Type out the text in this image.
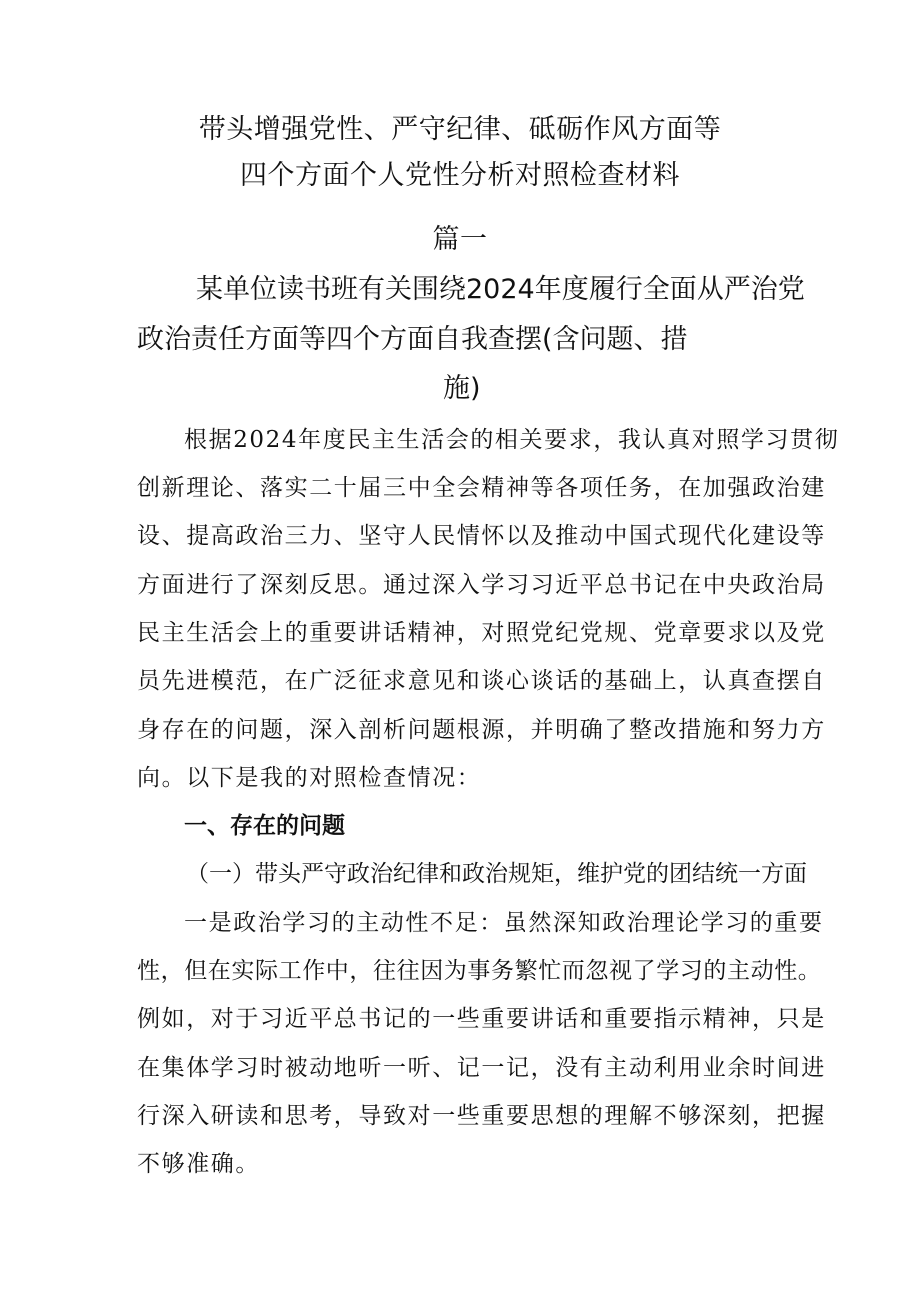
带头增强党性、严守纪律、砥砺作风方面等
四个方面个人党性分析对照检查材料
篇一
某单位读书班有关围绕2024年度履行全面从严治党
政治责任方面等四个方面自我查摆(含问题、措
施)
根据2024年度民主生活会的相关要求，我认真对照学习贯彻
创新理论、落实二十届三中全会精神等各项任务，在加强政治建
设、提高政治三力、坚守人民情怀以及推动中国式现代化建设等
方面进行了深刻反思。通过深入学习习近平总书记在中央政治局
民主生活会上的重要讲话精神，对照党纪党规、党章要求以及党
员先进模范，在广泛征求意见和谈心谈话的基础上，认真查摆自
身存在的问题，深入剖析问题根源，并明确了整改措施和努力方
向。以下是我的对照检查情况：
一、存在的问题
（一）带头严守政治纪律和政治规矩，维护党的团结统一方面
一是政治学习的主动性不足：虽然深知政治理论学习的重要
性，但在实际工作中，往往因为事务繁忙而忽视了学习的主动性。
例如，对于习近平总书记的一些重要讲话和重要指示精神，只是
在集体学习时被动地听一听、记一记，没有主动利用业余时间进
行深入研读和思考，导致对一些重要思想的理解不够深刻，把握
不够准确。
